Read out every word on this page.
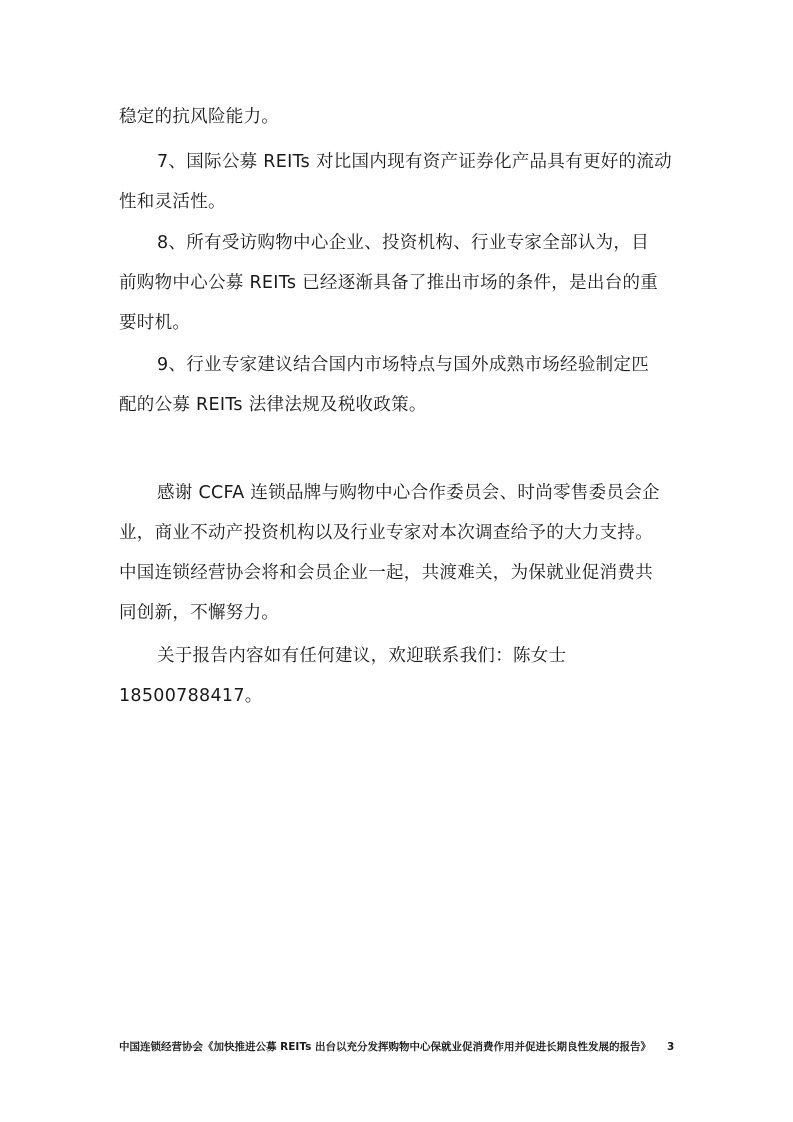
稳定的抗风险能力。
7、国际公募 REITs 对比国内现有资产证券化产品具有更好的流动
性和灵活性。
8、所有受访购物中心企业、投资机构、行业专家全部认为，目
前购物中心公募 REITs 已经逐渐具备了推出市场的条件，是出台的重
要时机。
9、行业专家建议结合国内市场特点与国外成熟市场经验制定匹
配的公募 REITs 法律法规及税收政策。
感谢 CCFA 连锁品牌与购物中心合作委员会、时尚零售委员会企
业，商业不动产投资机构以及行业专家对本次调查给予的大力支持。
中国连锁经营协会将和会员企业一起，共渡难关，为保就业促消费共
同创新，不懈努力。
关于报告内容如有任何建议，欢迎联系我们：陈女士
18500788417。
中国连锁经营协会《加快推进公募 REITs 出台以充分发挥购物中心保就业促消费作用并促进长期良性发展的报告》	3
